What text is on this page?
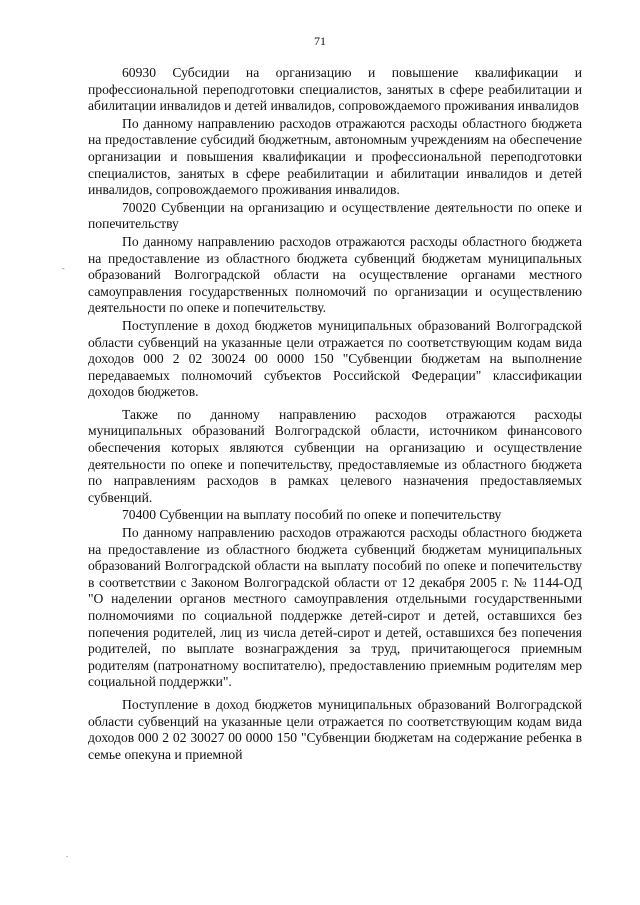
71

60930 Субсидии на организацию и повышение квалификации и профессиональной переподготовки специалистов, занятых в сфере реабилитации и абилитации инвалидов и детей инвалидов, сопровождаемого проживания инвалидов

По данному направлению расходов отражаются расходы областного бюджета на предоставление субсидий бюджетным, автономным учреждениям на обеспечение организации и повышения квалификации и профессиональной переподготовки специалистов, занятых в сфере реабилитации и абилитации инвалидов и детей инвалидов, сопровождаемого проживания инвалидов.

70020 Субвенции на организацию и осуществление деятельности по опеке и попечительству

По данному направлению расходов отражаются расходы областного бюджета на предоставление из областного бюджета субвенций бюджетам муниципальных образований Волгоградской области на осуществление органами местного самоуправления государственных полномочий по организации и осуществлению деятельности по опеке и попечительству.

Поступление в доход бюджетов муниципальных образований Волгоградской области субвенций на указанные цели отражается по соответствующим кодам вида доходов 000 2 02 30024 00 0000 150 "Субвенции бюджетам на выполнение передаваемых полномочий субъектов Российской Федерации" классификации доходов бюджетов.

Также по данному направлению расходов отражаются расходы муниципальных образований Волгоградской области, источником финансового обеспечения которых являются субвенции на организацию и осуществление деятельности по опеке и попечительству, предоставляемые из областного бюджета по направлениям расходов в рамках целевого назначения предоставляемых субвенций.

70400 Субвенции на выплату пособий по опеке и попечительству

По данному направлению расходов отражаются расходы областного бюджета на предоставление из областного бюджета субвенций бюджетам муниципальных образований Волгоградской области на выплату пособий по опеке и попечительству в соответствии с Законом Волгоградской области от 12 декабря 2005 г. № 1144-ОД "О наделении органов местного самоуправления отдельными государственными полномочиями по социальной поддержке детей-сирот и детей, оставшихся без попечения родителей, лиц из числа детей-сирот и детей, оставшихся без попечения родителей, по выплате вознаграждения за труд, причитающегося приемным родителям (патронатному воспитателю), предоставлению приемным родителям мер социальной поддержки".

Поступление в доход бюджетов муниципальных образований Волгоградской области субвенций на указанные цели отражается по соответствующим кодам вида доходов 000 2 02 30027 00 0000 150 "Субвенции бюджетам на содержание ребенка в семье опекуна и приемной

-
.
